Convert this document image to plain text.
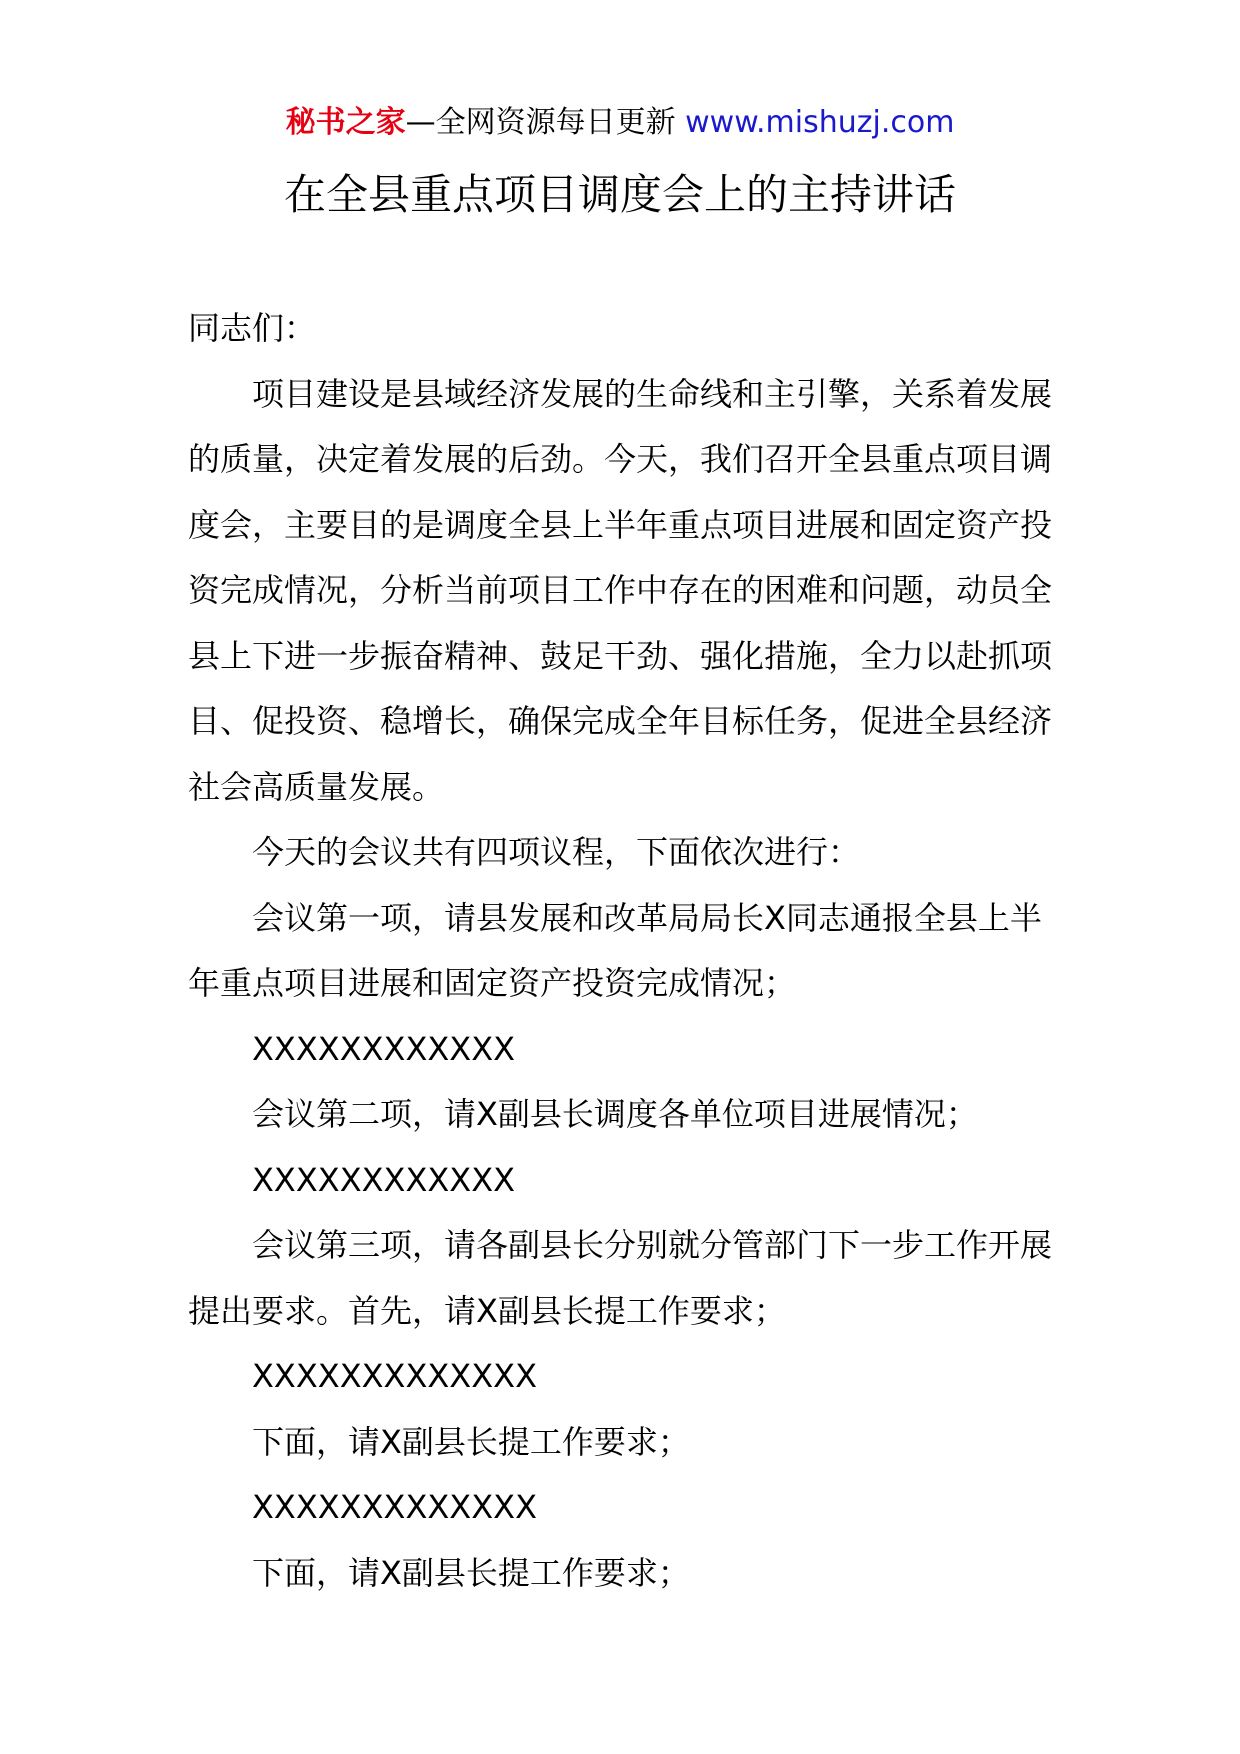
秘书之家—全网资源每日更新 www.mishuzj.com
在全县重点项目调度会上的主持讲话

同志们：

项目建设是县域经济发展的生命线和主引擎，关系着发展的质量，决定着发展的后劲。今天，我们召开全县重点项目调度会，主要目的是调度全县上半年重点项目进展和固定资产投资完成情况，分析当前项目工作中存在的困难和问题，动员全县上下进一步振奋精神、鼓足干劲、强化措施，全力以赴抓项目、促投资、稳增长，确保完成全年目标任务，促进全县经济社会高质量发展。

今天的会议共有四项议程，下面依次进行：

会议第一项，请县发展和改革局局长X同志通报全县上半年重点项目进展和固定资产投资完成情况；

XXXXXXXXXXXX

会议第二项，请X副县长调度各单位项目进展情况；

XXXXXXXXXXXX

会议第三项，请各副县长分别就分管部门下一步工作开展提出要求。首先，请X副县长提工作要求；

XXXXXXXXXXXXX

下面，请X副县长提工作要求；

XXXXXXXXXXXXX

下面，请X副县长提工作要求；
